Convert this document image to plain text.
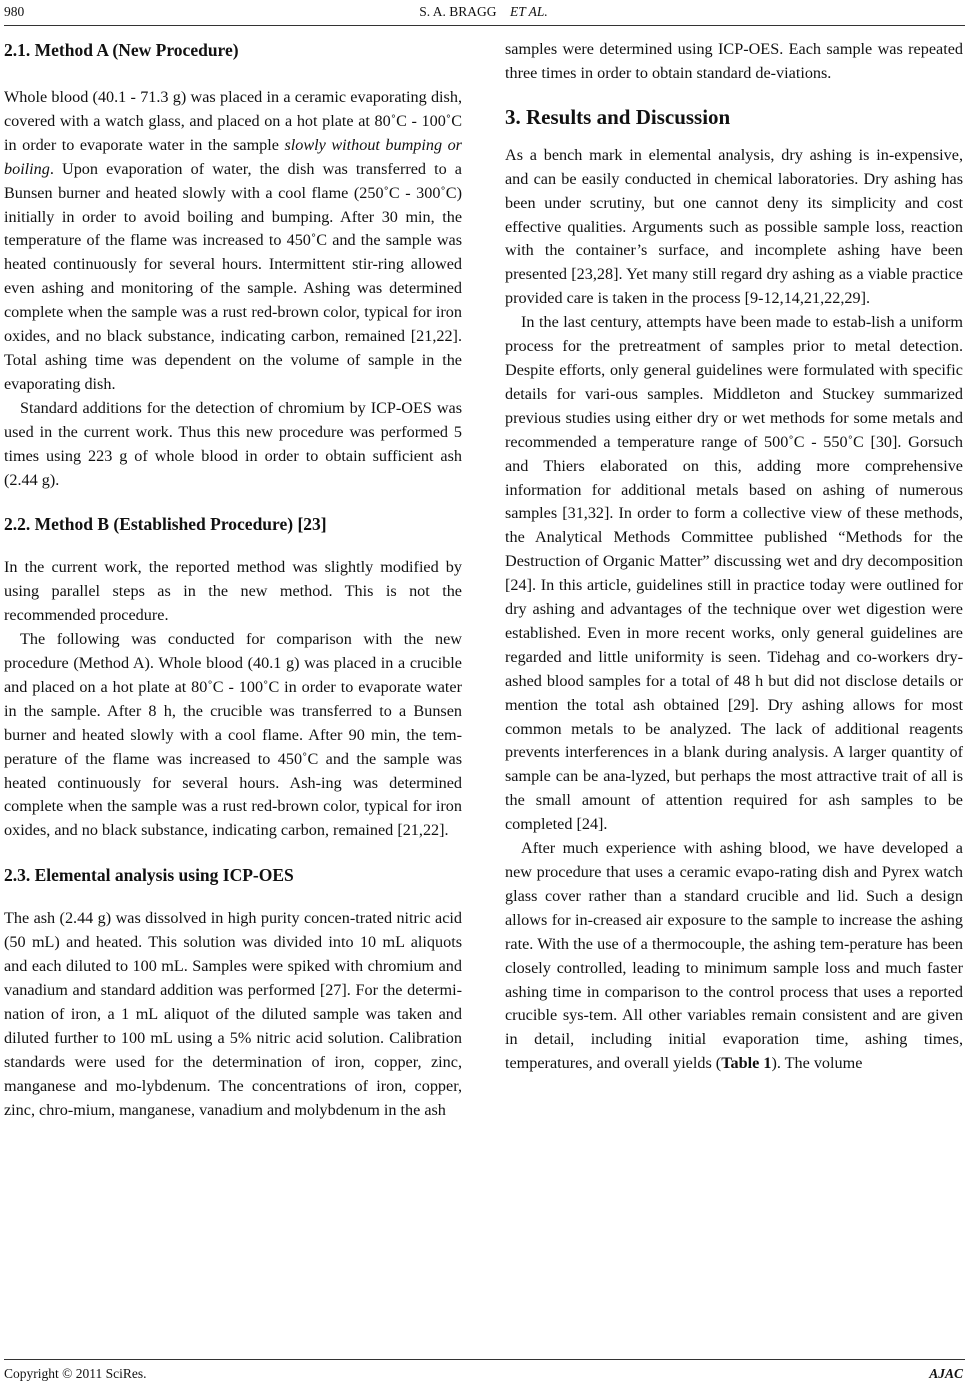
980	S. A. BRAGG ET AL.
2.1. Method A (New Procedure)

Whole blood (40.1 - 71.3 g) was placed in a ceramic evaporating dish, covered with a watch glass, and placed on a hot plate at 80˚C - 100˚C in order to evaporate water in the sample slowly without bumping or boiling. Upon evaporation of water, the dish was transferred to a Bunsen burner and heated slowly with a cool flame (250˚C - 300˚C) initially in order to avoid boiling and bumping. After 30 min, the temperature of the flame was increased to 450˚C and the sample was heated continuously for several hours. Intermittent stir-ring allowed even ashing and monitoring of the sample. Ashing was determined complete when the sample was a rust red-brown color, typical for iron oxides, and no black substance, indicating carbon, remained [21,22]. Total ashing time was dependent on the volume of sample in the evaporating dish.

Standard additions for the detection of chromium by ICP-OES was used in the current work. Thus this new procedure was performed 5 times using 223 g of whole blood in order to obtain sufficient ash (2.44 g).

2.2. Method B (Established Procedure) [23]

In the current work, the reported method was slightly modified by using parallel steps as in the new method. This is not the recommended procedure.

The following was conducted for comparison with the new procedure (Method A). Whole blood (40.1 g) was placed in a crucible and placed on a hot plate at 80˚C - 100˚C in order to evaporate water in the sample. After 8 h, the crucible was transferred to a Bunsen burner and heated slowly with a cool flame. After 90 min, the tem-perature of the flame was increased to 450˚C and the sample was heated continuously for several hours. Ash-ing was determined complete when the sample was a rust red-brown color, typical for iron oxides, and no black substance, indicating carbon, remained [21,22].

2.3. Elemental analysis using ICP-OES

The ash (2.44 g) was dissolved in high purity concen-trated nitric acid (50 mL) and heated. This solution was divided into 10 mL aliquots and each diluted to 100 mL. Samples were spiked with chromium and vanadium and standard addition was performed [27]. For the determi-nation of iron, a 1 mL aliquot of the diluted sample was taken and diluted further to 100 mL using a 5% nitric acid solution. Calibration standards were used for the determination of iron, copper, zinc, manganese and mo-lybdenum. The concentrations of iron, copper, zinc, chro-mium, manganese, vanadium and molybdenum in the ash

samples were determined using ICP-OES. Each sample was repeated three times in order to obtain standard de-viations.

3. Results and Discussion

As a bench mark in elemental analysis, dry ashing is in-expensive, and can be easily conducted in chemical laboratories. Dry ashing has been under scrutiny, but one cannot deny its simplicity and cost effective qualities. Arguments such as possible sample loss, reaction with the container’s surface, and incomplete ashing have been presented [23,28]. Yet many still regard dry ashing as a viable practice provided care is taken in the process [9-12,14,21,22,29].

In the last century, attempts have been made to estab-lish a uniform process for the pretreatment of samples prior to metal detection. Despite efforts, only general guidelines were formulated with specific details for vari-ous samples. Middleton and Stuckey summarized previous studies using either dry or wet methods for some metals and recommended a temperature range of 500˚C - 550˚C [30]. Gorsuch and Thiers elaborated on this, adding more comprehensive information for additional metals based on ashing of numerous samples [31,32]. In order to form a collective view of these methods, the Analytical Methods Committee published “Methods for the Destruction of Organic Matter” discussing wet and dry decomposition [24]. In this article, guidelines still in practice today were outlined for dry ashing and advantages of the technique over wet digestion were established. Even in more recent works, only general guidelines are regarded and little uniformity is seen. Tidehag and co-workers dry-ashed blood samples for a total of 48 h but did not disclose details or mention the total ash obtained [29]. Dry ashing allows for most common metals to be analyzed. The lack of additional reagents prevents interferences in a blank during analysis. A larger quantity of sample can be ana-lyzed, but perhaps the most attractive trait of all is the small amount of attention required for ash samples to be completed [24].

After much experience with ashing blood, we have developed a new procedure that uses a ceramic evapo-rating dish and Pyrex watch glass cover rather than a standard crucible and lid. Such a design allows for in-creased air exposure to the sample to increase the ashing rate. With the use of a thermocouple, the ashing tem-perature has been closely controlled, leading to minimum sample loss and much faster ashing time in comparison to the control process that uses a reported crucible sys-tem. All other variables remain consistent and are given in detail, including initial evaporation time, ashing times, temperatures, and overall yields (Table 1). The volume

Copyright © 2011 SciRes.	AJAC
